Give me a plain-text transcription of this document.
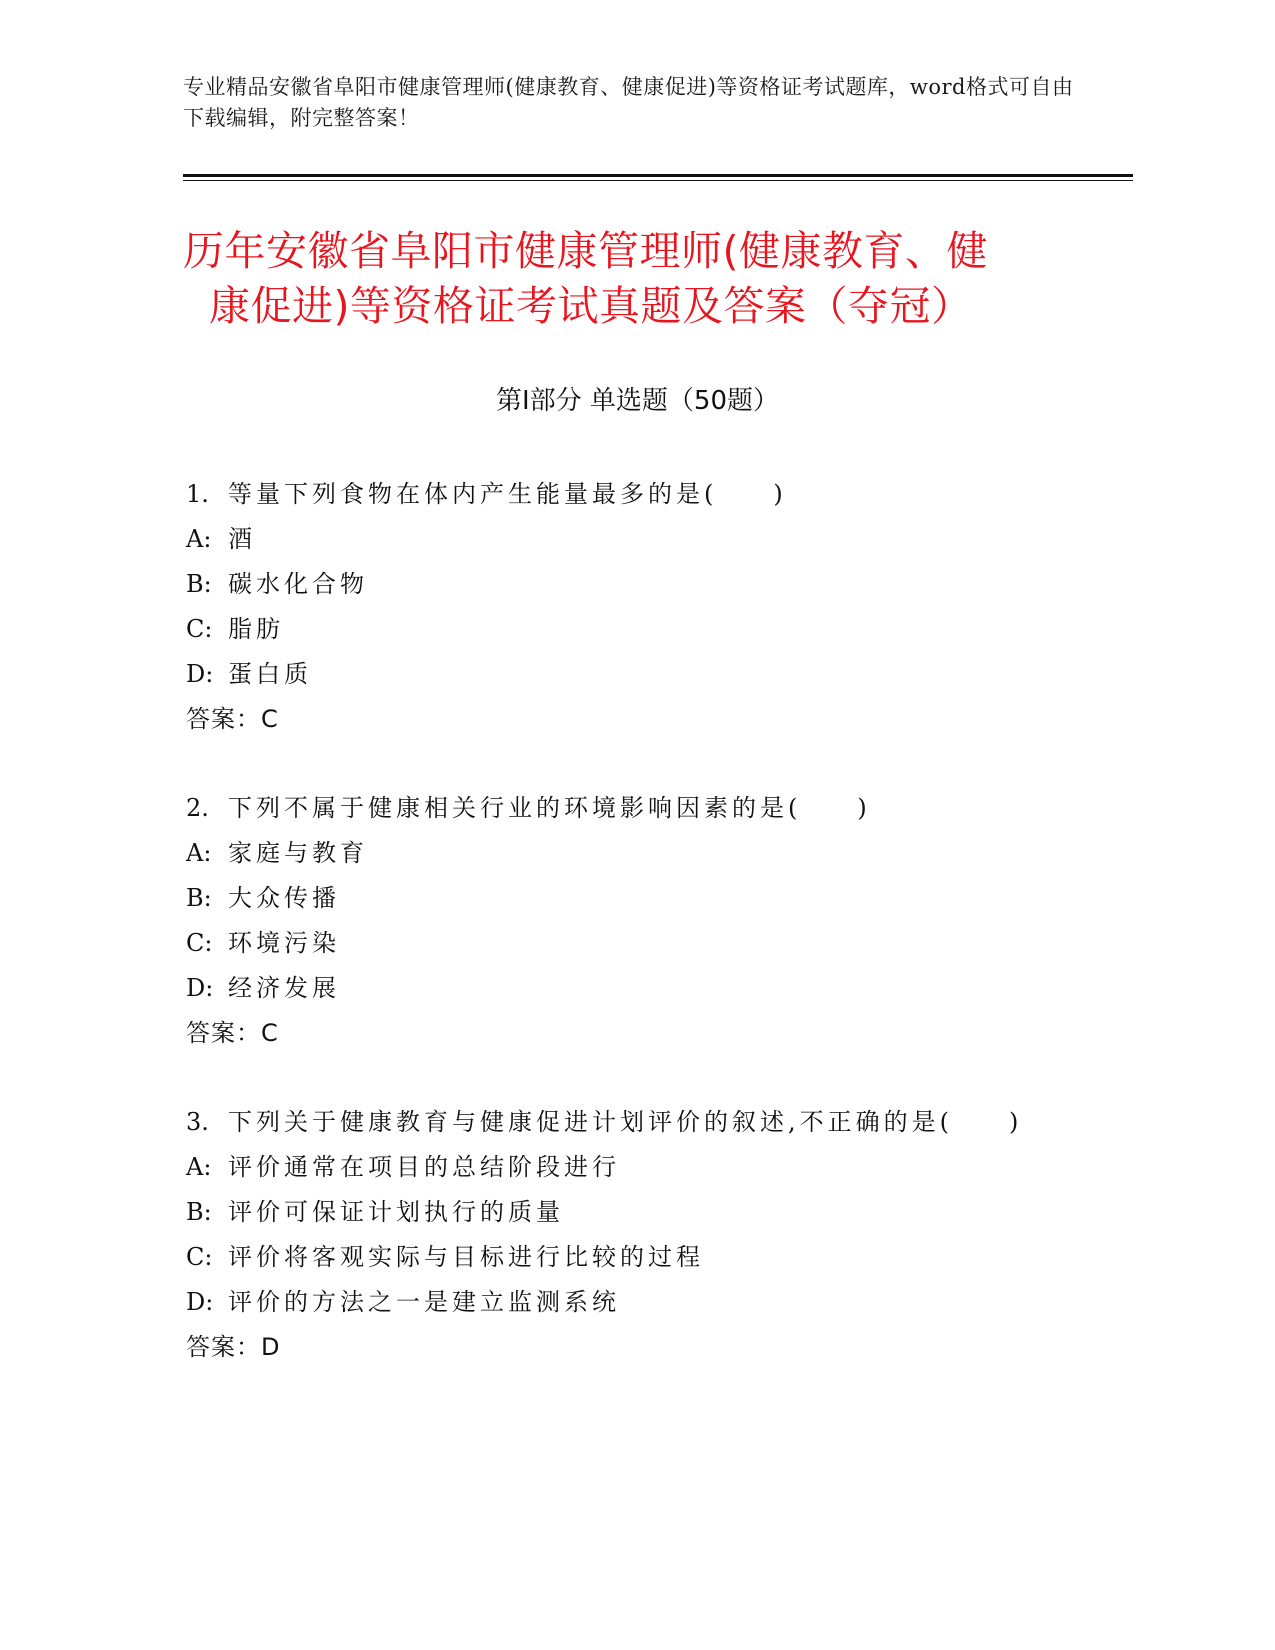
专业精品安徽省阜阳市健康管理师(健康教育、健康促进)等资格证考试题库，word格式可自由下载编辑，附完整答案！
历年安徽省阜阳市健康管理师(健康教育、健
康促进)等资格证考试真题及答案（夺冠）
第Ⅰ部分 单选题（50题）
1. 等量下列食物在体内产生能量最多的是(　　)
A: 酒
B: 碳水化合物
C: 脂肪
D: 蛋白质
答案：C
2. 下列不属于健康相关行业的环境影响因素的是(　　)
A: 家庭与教育
B: 大众传播
C: 环境污染
D: 经济发展
答案：C
3. 下列关于健康教育与健康促进计划评价的叙述,不正确的是(　　)
A: 评价通常在项目的总结阶段进行
B: 评价可保证计划执行的质量
C: 评价将客观实际与目标进行比较的过程
D: 评价的方法之一是建立监测系统
答案：D
